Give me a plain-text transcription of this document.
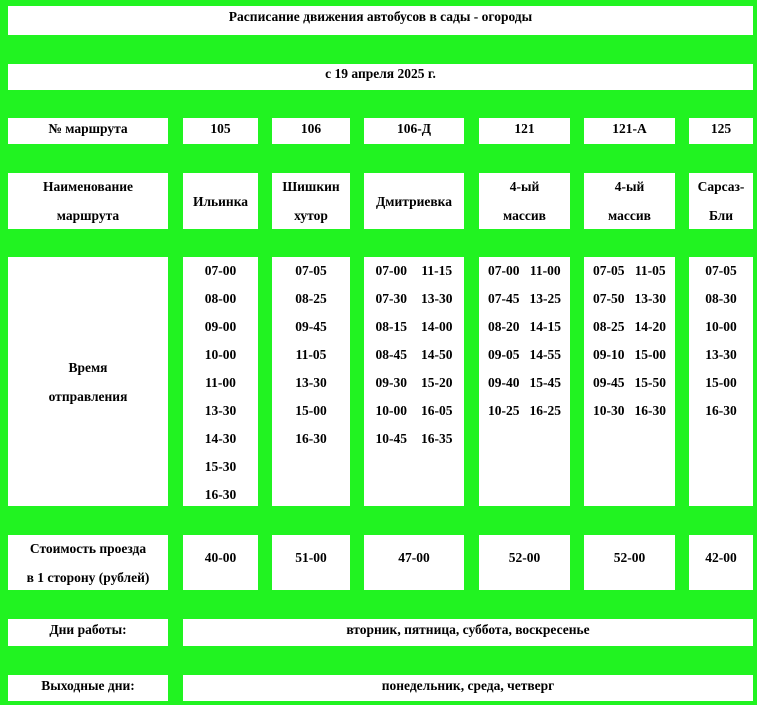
Расписание движения автобусов в сады - огороды
с 19 апреля 2025 г.
№ маршрута
Наименование
маршрута
Время
отправления
Стоимость проезда
в 1 сторону (рублей)
Дни работы:
Выходные дни:
105
Ильинка
07-00
08-00
09-00
10-00
11-00
13-30
14-30
15-30
16-30
40-00
106
Шишкин
хутор
07-05
08-25
09-45
11-05
13-30
15-00
16-30
51-00
106-Д
Дмитриевка
07-00
07-30
08-15
08-45
09-30
10-00
10-45
11-15
13-30
14-00
14-50
15-20
16-05
16-35
47-00
121
4-ый
массив
07-00
07-45
08-20
09-05
09-40
10-25
11-00
13-25
14-15
14-55
15-45
16-25
52-00
121-А
4-ый
массив
07-05
07-50
08-25
09-10
09-45
10-30
11-05
13-30
14-20
15-00
15-50
16-30
52-00
125
Сарсаз-
Бли
07-05
08-30
10-00
13-30
15-00
16-30
42-00
вторник, пятница, суббота, воскресенье
понедельник, среда, четверг
